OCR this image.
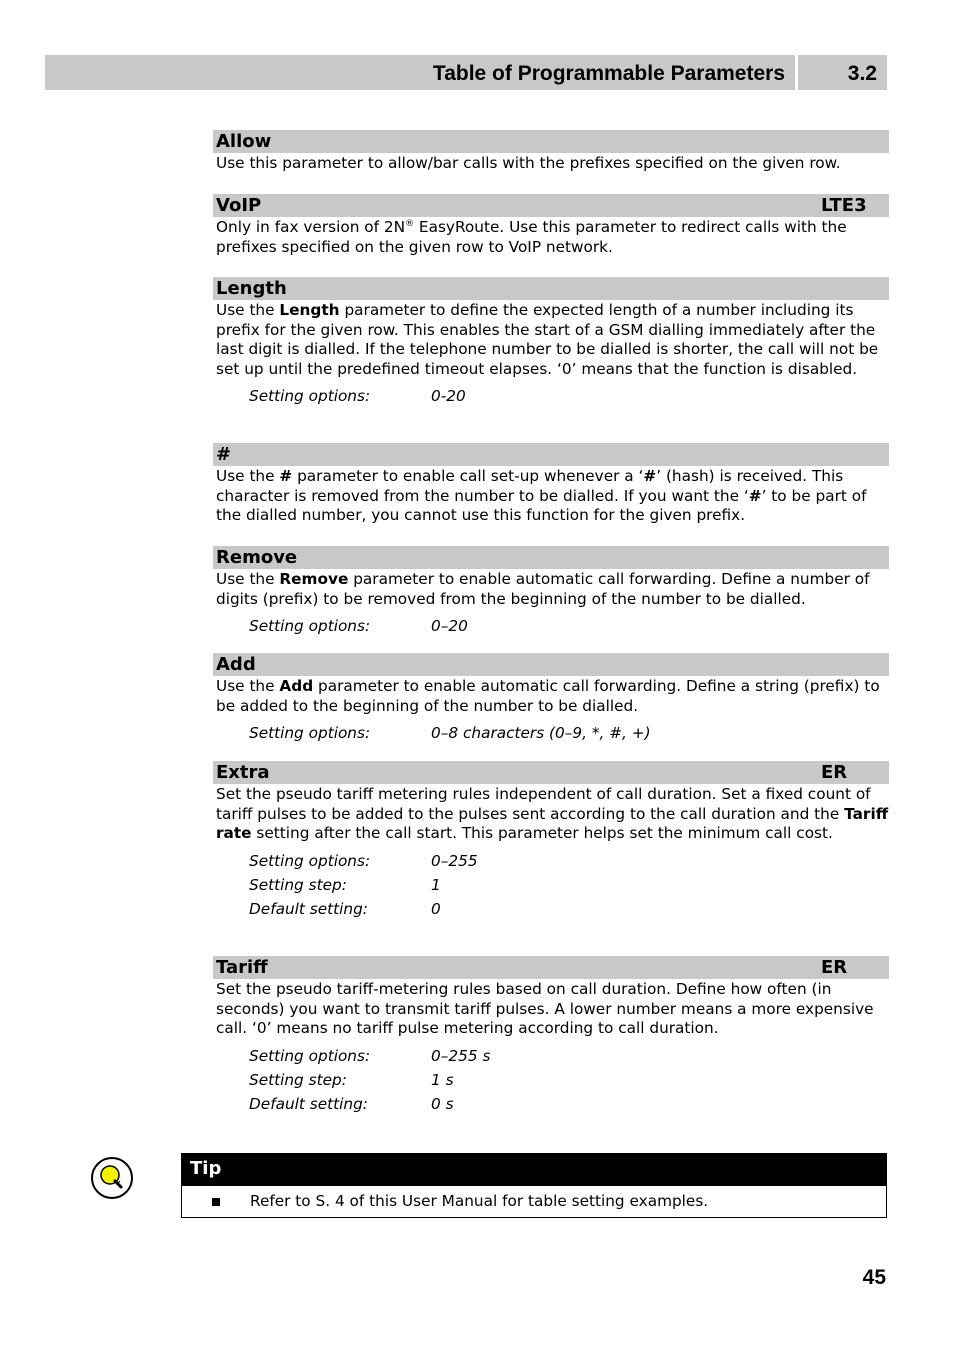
Table of Programmable Parameters	3.2
Allow
Use this parameter to allow/bar calls with the prefixes specified on the given row.
VoIP	LTE3
Only in fax version of 2N® EasyRoute. Use this parameter to redirect calls with the prefixes specified on the given row to VoIP network.
Length
Use the Length parameter to define the expected length of a number including its prefix for the given row. This enables the start of a GSM dialling immediately after the last digit is dialled. If the telephone number to be dialled is shorter, the call will not be set up until the predefined timeout elapses. ‘0’ means that the function is disabled.
Setting options:	0-20
#
Use the # parameter to enable call set-up whenever a ‘#’ (hash) is received. This character is removed from the number to be dialled. If you want the ‘#’ to be part of the dialled number, you cannot use this function for the given prefix.
Remove
Use the Remove parameter to enable automatic call forwarding. Define a number of digits (prefix) to be removed from the beginning of the number to be dialled.
Setting options:	0–20
Add
Use the Add parameter to enable automatic call forwarding. Define a string (prefix) to be added to the beginning of the number to be dialled.
Setting options:	0–8 characters (0–9, *, #, +)
Extra	ER
Set the pseudo tariff metering rules independent of call duration. Set a fixed count of tariff pulses to be added to the pulses sent according to the call duration and the Tariff rate setting after the call start. This parameter helps set the minimum call cost.
Setting options:	0–255
Setting step:	1
Default setting:	0
Tariff	ER
Set the pseudo tariff-metering rules based on call duration. Define how often (in seconds) you want to transmit tariff pulses. A lower number means a more expensive call. ‘0’ means no tariff pulse metering according to call duration.
Setting options:	0–255 s
Setting step:	1 s
Default setting:	0 s
Tip
Refer to S. 4 of this User Manual for table setting examples.
45
